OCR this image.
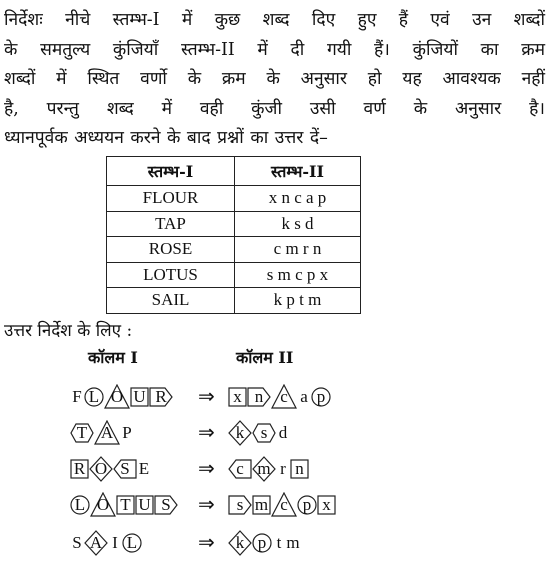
निर्देशः नीचे स्तम्भ-I में कुछ शब्द दिए हुए हैं एवं उन शब्दों
के समतुल्य कुंजियाँ स्तम्भ-II में दी गयी हैं। कुंजियों का क्रम
शब्दों में स्थित वर्णो के क्रम के अनुसार हो यह आवश्यक नहीं
है, परन्तु शब्द में वही कुंजी उसी वर्ण के अनुसार है।
ध्यानपूर्वक अध्ययन करने के बाद प्रश्नों का उत्तर दें–
स्तम्भ-I	स्तम्भ-II
FLOUR	x n c a p
TAP	k s d
ROSE	c m r n
LOTUS	s m c p x
SAIL	k p t m
उत्तर निर्देश के लिए :
कॉलम I	कॉलम II
F L O U R ⇒ x n c a p
T A P	⇒ k s d
R O S E ⇒ c m r n
L O T U S ⇒ s m c p x
S A I L	⇒ k p t m
